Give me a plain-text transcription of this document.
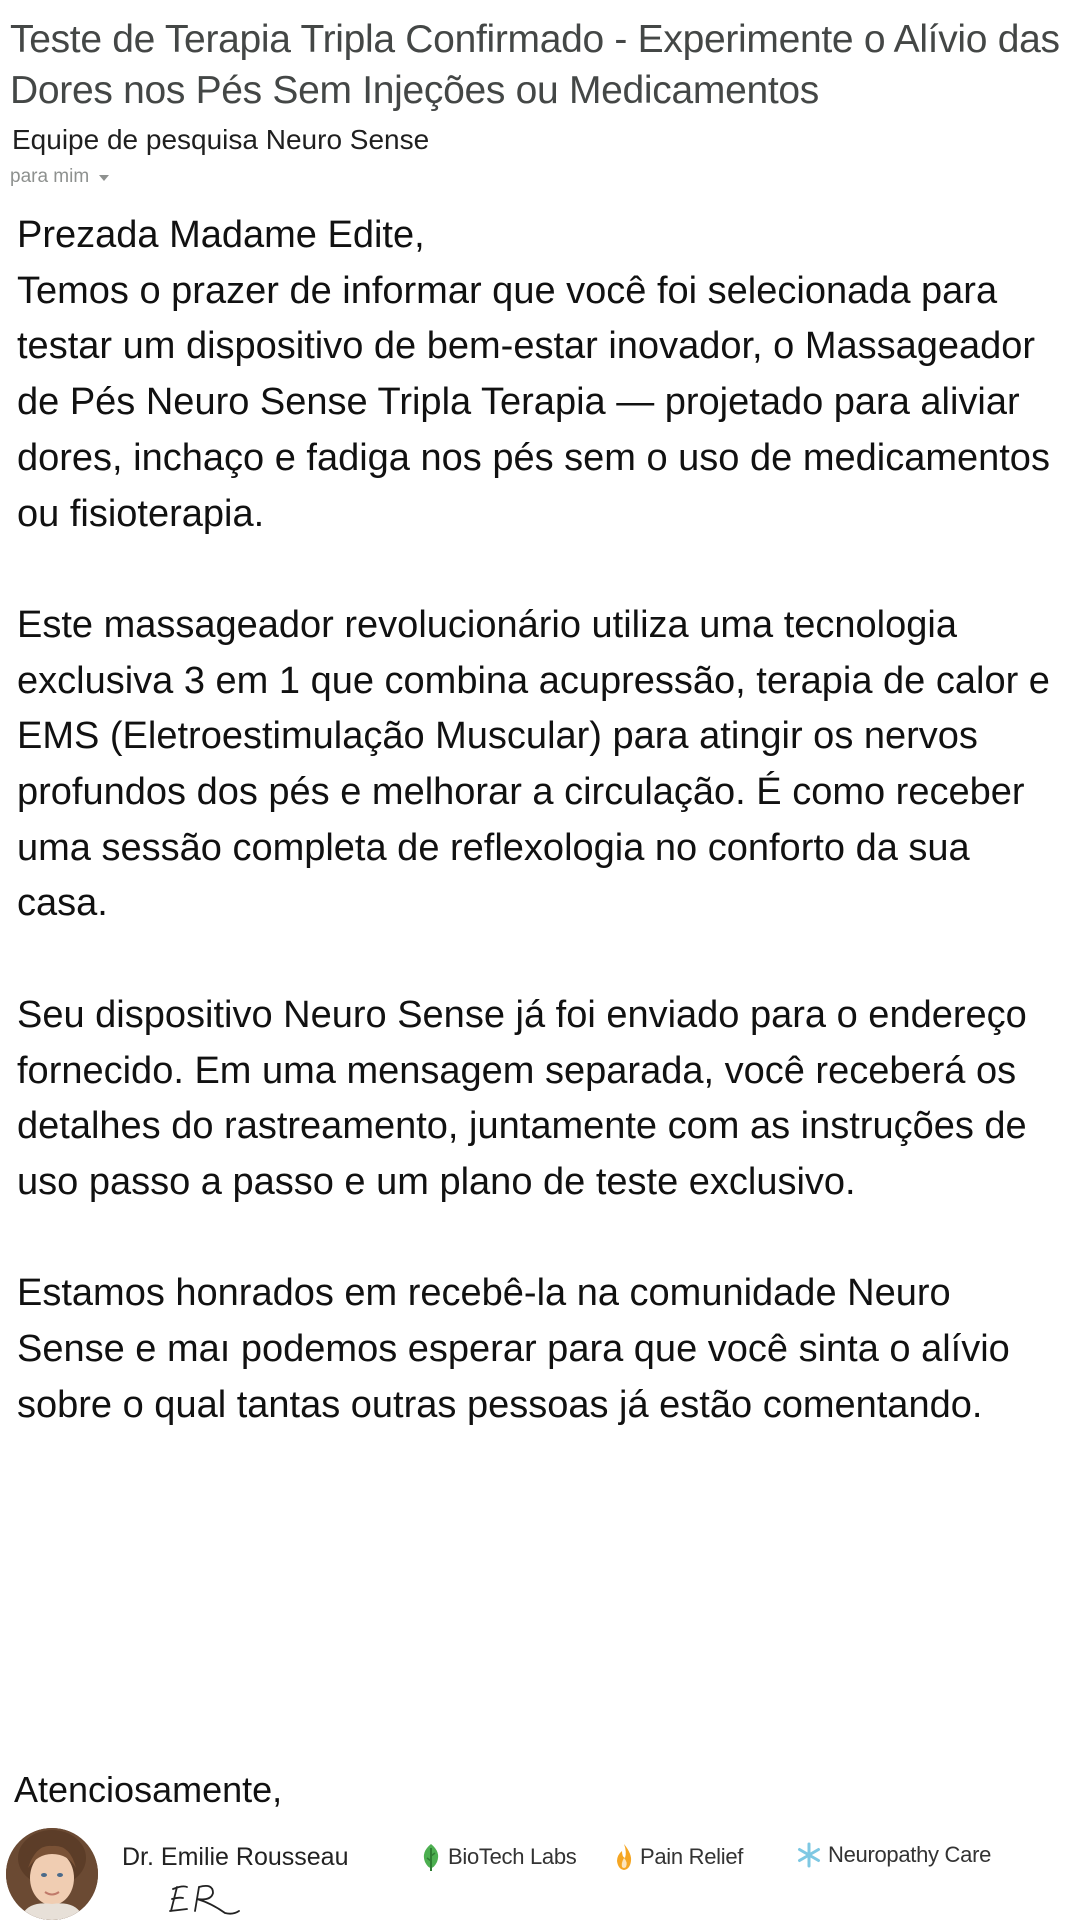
Teste de Terapia Tripla Confirmado - Experimente o Alívio das Dores nos Pés Sem Injeções ou Medicamentos
Equipe de pesquisa Neuro Sense
para mim

Prezada Madame Edite,

Temos o prazer de informar que você foi selecionada para testar um dispositivo de bem-estar inovador, o Massageador de Pés Neuro Sense Tripla Terapia — projetado para aliviar dores, inchaço e fadiga nos pés sem o uso de medicamentos ou fisioterapia.

Este massageador revolucionário utiliza uma tecnologia exclusiva 3 em 1 que combina acupressão, terapia de calor e EMS (Eletroestimulação Muscular) para atingir os nervos profundos dos pés e melhorar a circulação. É como receber uma sessão completa de reflexologia no conforto da sua casa.

Seu dispositivo Neuro Sense já foi enviado para o endereço fornecido. Em uma mensagem separada, você receberá os detalhes do rastreamento, juntamente com as instruções de uso passo a passo e um plano de teste exclusivo.

Estamos honrados em recebê-la na comunidade Neuro Sense e maı podemos esperar para que você sinta o alívio sobre o qual tantas outras pessoas já estão comentando.

Atenciosamente,
Dr. Emilie Rousseau	BioTech Labs	Pain Relief	Neuropathy Care
